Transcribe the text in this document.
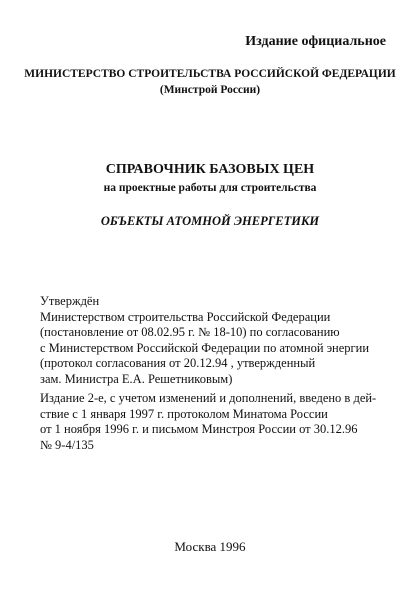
Издание официальное
МИНИСТЕРСТВО СТРОИТЕЛЬСТВА РОССИЙСКОЙ ФЕДЕРАЦИИ
(Минстрой России)
СПРАВОЧНИК БАЗОВЫХ ЦЕН
на проектные работы для строительства
ОБЪЕКТЫ АТОМНОЙ ЭНЕРГЕТИКИ
Утверждён
Министерством строительства Российской Федерации
(постановление от 08.02.95 г. № 18-10) по согласованию
с Министерством Российской Федерации по атомной энергии
(протокол согласования от 20.12.94 , утвержденный
зам. Министра Е.А. Решетниковым)
Издание 2-е, с учетом изменений и дополнений, введено в дей-
ствие с 1 января 1997 г. протоколом Минатома России
от 1 ноября 1996 г. и письмом Минстроя России от 30.12.96
№ 9-4/135
Москва 1996
